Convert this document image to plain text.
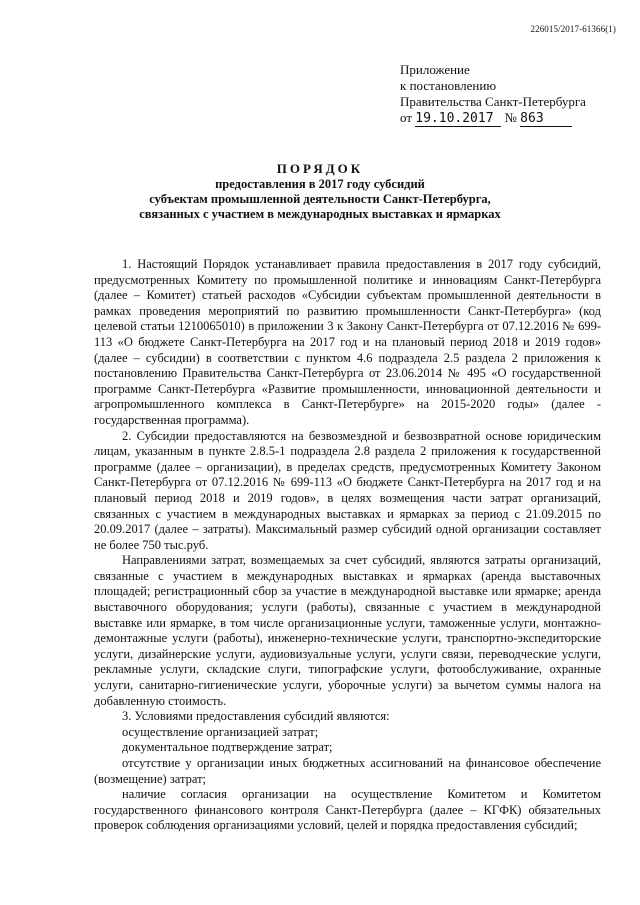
226015/2017-61366(1)
Приложение
к постановлению
Правительства Санкт-Петербурга
от 19.10.2017 № 863
ПОРЯДОК
предоставления в 2017 году субсидий
субъектам промышленной деятельности Санкт-Петербурга,
связанных с участием в международных выставках и ярмарках

1. Настоящий Порядок устанавливает правила предоставления в 2017 году субсидий, предусмотренных Комитету по промышленной политике и инновациям Санкт-Петербурга (далее – Комитет) статьей расходов «Субсидии субъектам промышленной деятельности в рамках проведения мероприятий по развитию промышленности Санкт-Петербурга» (код целевой статьи 1210065010) в приложении 3 к Закону Санкт-Петербурга от 07.12.2016 № 699-113 «О бюджете Санкт-Петербурга на 2017 год и на плановый период 2018 и 2019 годов» (далее – субсидии) в соответствии с пунктом 4.6 подраздела 2.5 раздела 2 приложения к постановлению Правительства Санкт-Петербурга от 23.06.2014 № 495 «О государственной программе Санкт-Петербурга «Развитие промышленности, инновационной деятельности и агропромышленного комплекса в Санкт-Петербурге» на 2015-2020 годы» (далее - государственная программа).

2. Субсидии предоставляются на безвозмездной и безвозвратной основе юридическим лицам, указанным в пункте 2.8.5-1 подраздела 2.8 раздела 2 приложения к государственной программе (далее – организации), в пределах средств, предусмотренных Комитету Законом Санкт-Петербурга от 07.12.2016 № 699-113 «О бюджете Санкт-Петербурга на 2017 год и на плановый период 2018 и 2019 годов», в целях возмещения части затрат организаций, связанных с участием в международных выставках и ярмарках за период с 21.09.2015 по 20.09.2017 (далее – затраты). Максимальный размер субсидий одной организации составляет не более 750 тыс.руб.

Направлениями затрат, возмещаемых за счет субсидий, являются затраты организаций, связанные с участием в международных выставках и ярмарках (аренда выставочных площадей; регистрационный сбор за участие в международной выставке или ярмарке; аренда выставочного оборудования; услуги (работы), связанные с участием в международной выставке или ярмарке, в том числе организационные услуги, таможенные услуги, монтажно-демонтажные услуги (работы), инженерно-технические услуги, транспортно-экспедиторские услуги, дизайнерские услуги, аудиовизуальные услуги, услуги связи, переводческие услуги, рекламные услуги, складские слуги, типографские услуги, фотообслуживание, охранные услуги, санитарно-гигиенические услуги, уборочные услуги) за вычетом суммы налога на добавленную стоимость.

3. Условиями предоставления субсидий являются:

осуществление организацией затрат;

документальное подтверждение затрат;

отсутствие у организации иных бюджетных ассигнований на финансовое обеспечение (возмещение) затрат;

наличие согласия организации на осуществление Комитетом и Комитетом государственного финансового контроля Санкт-Петербурга (далее – КГФК) обязательных проверок соблюдения организациями условий, целей и порядка предоставления субсидий;
